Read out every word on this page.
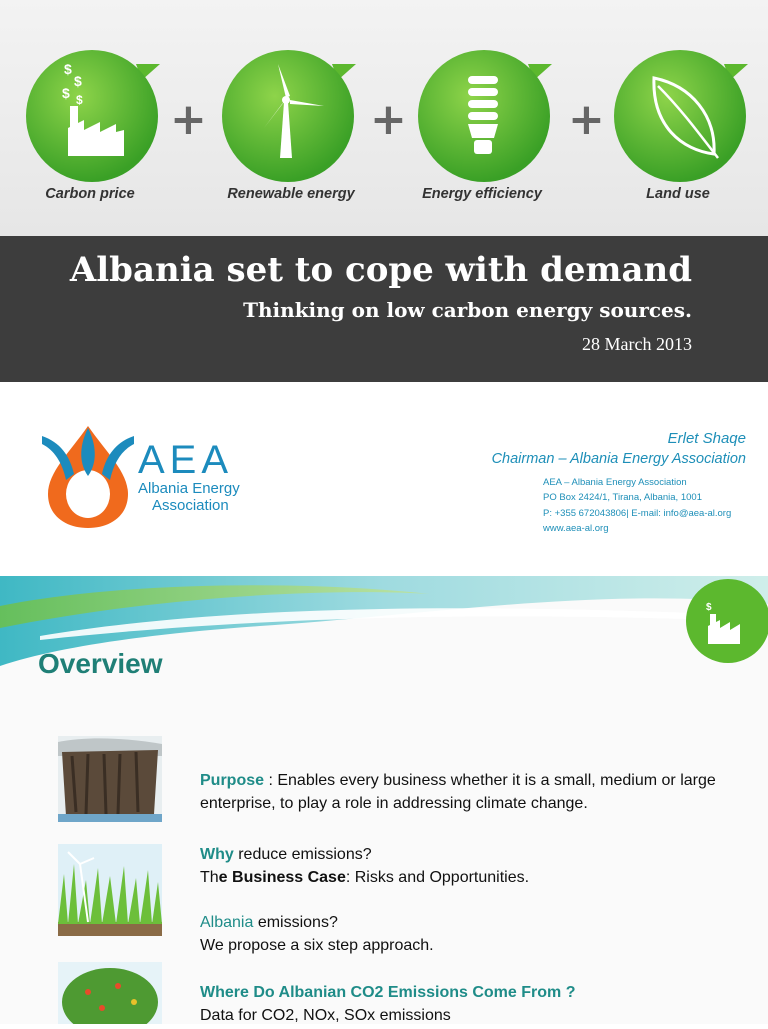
$
$
$ $ +	+	+
Carbon price	Renewable energy	Energy efficiency	Land use
Albania set to cope with demand
Thinking on low carbon energy sources.
28 March 2013
AEA
Albania Energy
Association
Erlet Shaqe
Chairman – Albania Energy Association
AEA – Albania Energy Association
PO Box 2424/1, Tirana, Albania, 1001
P: +355 672043806| E-mail: info@aea-al.org
www.aea-al.org
$
Overview
Purpose : Enables every business whether it is a small, medium or large enterprise, to play a role in addressing climate change.
Why reduce emissions?
The Business Case: Risks and Opportunities.
Albania emissions?
We propose a six step approach.
Where Do Albanian CO2 Emissions Come From ?
Data for CO2, NOx, SOx emissions
